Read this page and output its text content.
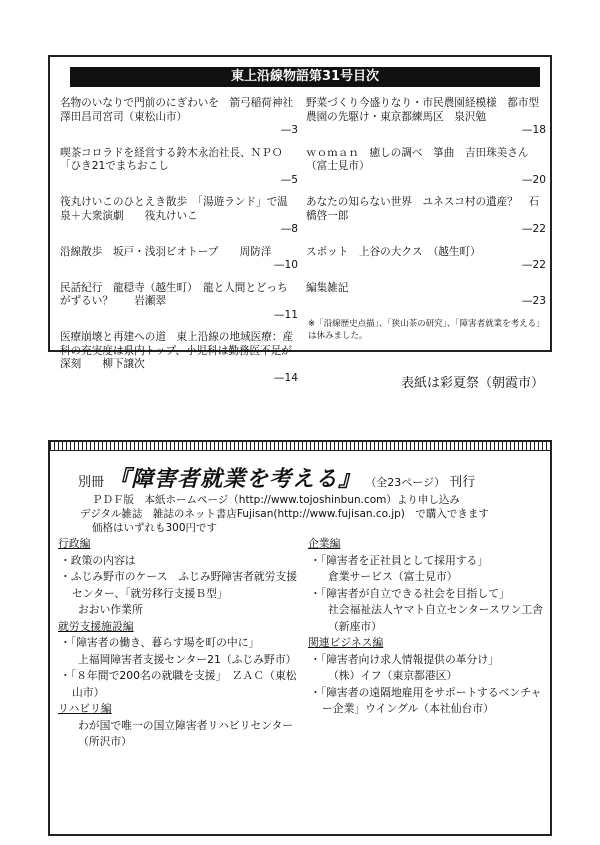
東上沿線物語第31号目次
名物のいなりで門前のにぎわいを　箭弓稲荷神社澤田昌司宮司（東松山市）
—3
喫茶コロラドを経営する鈴木永治社長、ＮＰＯ「ひき21でまちおこし
—5
筏丸けいこのひとえき散歩　「湯遊ランド」で温泉＋大衆演劇　　筏丸けいこ
—8
沿線散歩　坂戸・浅羽ビオトープ　　周防洋
—10
民話紀行　龍穏寺（越生町）　龍と人間とどっちがずるい？　　岩瀬翠
—11
医療崩壊と再建への道　東上沿線の地域医療：産科の充実度は県内トップ、小児科は勤務医不足が深刻　　柳下譲次
—14
野菜づくり今盛りなり・市民農園経模様　都市型農園の先駆け・東京都練馬区　泉沢勉
—18
ｗｏｍａｎ　癒しの調べ　箏曲　吉田珠美さん（富士見市）
—20
あなたの知らない世界　ユネスコ村の遺産？　石橋啓一郎
—22
スポット　上谷の大クス　（越生町）
—22
編集雑記
—23
※「沿線歴史点描」、「狭山茶の研究」、「障害者就業を考える」は休みました。
表紙は彩夏祭（朝霞市）
別冊 『障害者就業を考える』 （全23ページ） 刊行
ＰＤＦ版　本紙ホームページ（http://www.tojoshinbun.com）より申し込み
デジタル雑誌　雑誌のネット書店Fujisan(http://www.fujisan.co.jp)　で購入できます
価格はいずれも300円です
行政編
・政策の内容は
・ふじみ野市のケース　ふじみ野障害者就労支援センター、「就労移行支援Ｂ型」
おおい作業所
就労支援施設編
・「障害者の働き、暮らす場を町の中に」
上福岡障害者支援センター21（ふじみ野市）
・「８年間で200名の就職を支援」　ＺＡＣ（東松山市）
リハビリ編
わが国で唯一の国立障害者リハビリセンター　　　（所沢市）
企業編
・「障害者を正社員として採用する」
倉業サービス（富士見市）
・「障害者が自立できる社会を目指して」
社会福祉法人ヤマト自立センタースワン工舎（新座市）
関連ビジネス編
・「障害者向け求人情報提供の革分け」
（株）イフ（東京都港区）
・「障害者の遠隔地雇用をサポートするベンチャー企業」ウイングル（本社仙台市）
